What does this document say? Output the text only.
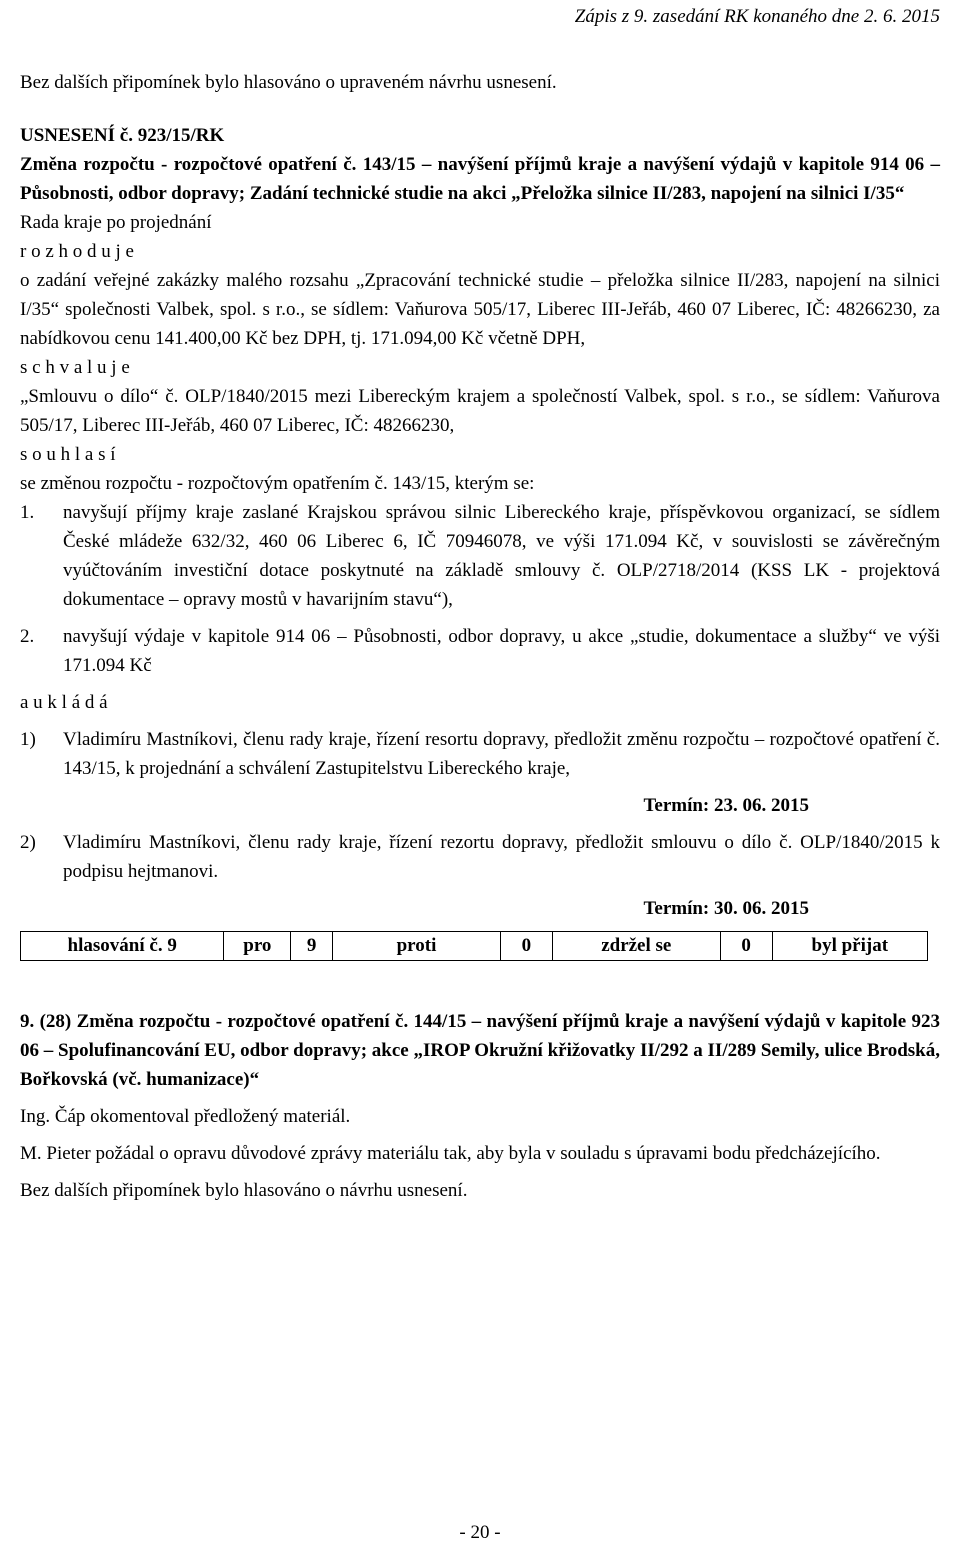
Zápis z 9. zasedání RK konaného dne 2. 6. 2015

Bez dalších připomínek bylo hlasováno o upraveném návrhu usnesení.

USNESENÍ č. 923/15/RK

Změna rozpočtu - rozpočtové opatření č. 143/15 – navýšení příjmů kraje a navýšení výdajů v kapitole 914 06 – Působnosti, odbor dopravy; Zadání technické studie na akci „Přeložka silnice II/283, napojení na silnici I/35“

Rada kraje po projednání

r o z h o d u j e

o zadání veřejné zakázky malého rozsahu „Zpracování technické studie – přeložka silnice II/283, napojení na silnici I/35“ společnosti Valbek, spol. s r.o., se sídlem: Vaňurova 505/17, Liberec III-Jeřáb, 460 07 Liberec, IČ: 48266230, za nabídkovou cenu 141.400,00 Kč bez DPH, tj. 171.094,00 Kč včetně DPH,

s c h v a l u j e

„Smlouvu o dílo“ č. OLP/1840/2015 mezi Libereckým krajem a společností Valbek, spol. s r.o., se sídlem: Vaňurova 505/17, Liberec III-Jeřáb, 460 07 Liberec, IČ: 48266230,

s o u h l a s í

se změnou rozpočtu - rozpočtovým opatřením č. 143/15, kterým se:

1.	navyšují příjmy kraje zaslané Krajskou správou silnic Libereckého kraje, příspěvkovou organizací, se sídlem České mládeže 632/32, 460 06 Liberec 6, IČ 70946078, ve výši 171.094 Kč, v souvislosti se závěrečným vyúčtováním investiční dotace poskytnuté na základě smlouvy č. OLP/2718/2014 (KSS LK - projektová dokumentace – opravy mostů v havarijním stavu“),
2.	navyšují výdaje v kapitole 914 06 – Působnosti, odbor dopravy, u akce „studie, dokumentace a služby“ ve výši 171.094 Kč

a u k l á d á

1)	Vladimíru Mastníkovi, členu rady kraje, řízení resortu dopravy, předložit změnu rozpočtu – rozpočtové opatření č. 143/15, k projednání a schválení Zastupitelstvu Libereckého kraje,

Termín: 23. 06. 2015

2)	Vladimíru Mastníkovi, členu rady kraje, řízení rezortu dopravy, předložit smlouvu o dílo č. OLP/1840/2015 k podpisu hejtmanovi.

Termín: 30. 06. 2015

hlasování č. 9	pro	9	proti	0	zdržel se	0	byl přijat

9. (28) Změna rozpočtu - rozpočtové opatření č. 144/15 – navýšení příjmů kraje a navýšení výdajů v kapitole 923 06 – Spolufinancování EU, odbor dopravy; akce „IROP Okružní křižovatky II/292 a II/289 Semily, ulice Brodská, Bořkovská (vč. humanizace)“

Ing. Čáp okomentoval předložený materiál.

M. Pieter požádal o opravu důvodové zprávy materiálu tak, aby byla v souladu s úpravami bodu předcházejícího.

Bez dalších připomínek bylo hlasováno o návrhu usnesení.

- 20 -
